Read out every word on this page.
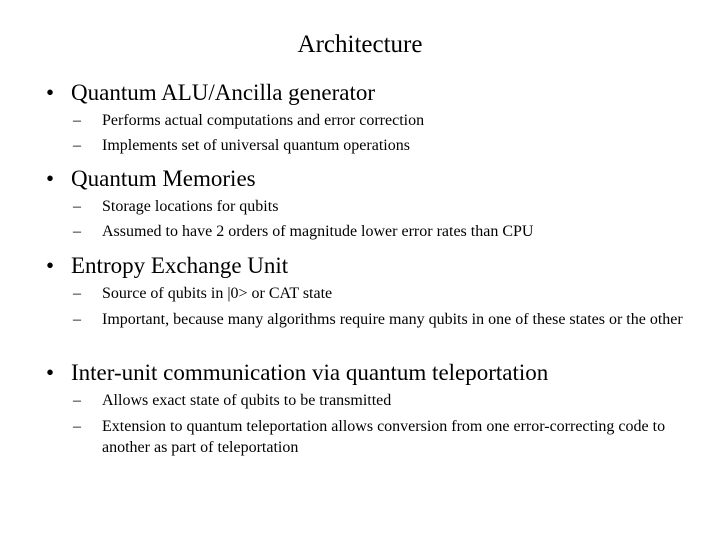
Architecture
• Quantum ALU/Ancilla generator
– Performs actual computations and error correction
– Implements set of universal quantum operations
• Quantum Memories
– Storage locations for qubits
– Assumed to have 2 orders of magnitude lower error rates than CPU
• Entropy Exchange Unit
– Source of qubits in |0> or CAT state
– Important, because many algorithms require many qubits in one of these states or the other
• Inter-unit communication via quantum teleportation
– Allows exact state of qubits to be transmitted
– Extension to quantum teleportation allows conversion from one error-correcting code to another as part of teleportation
